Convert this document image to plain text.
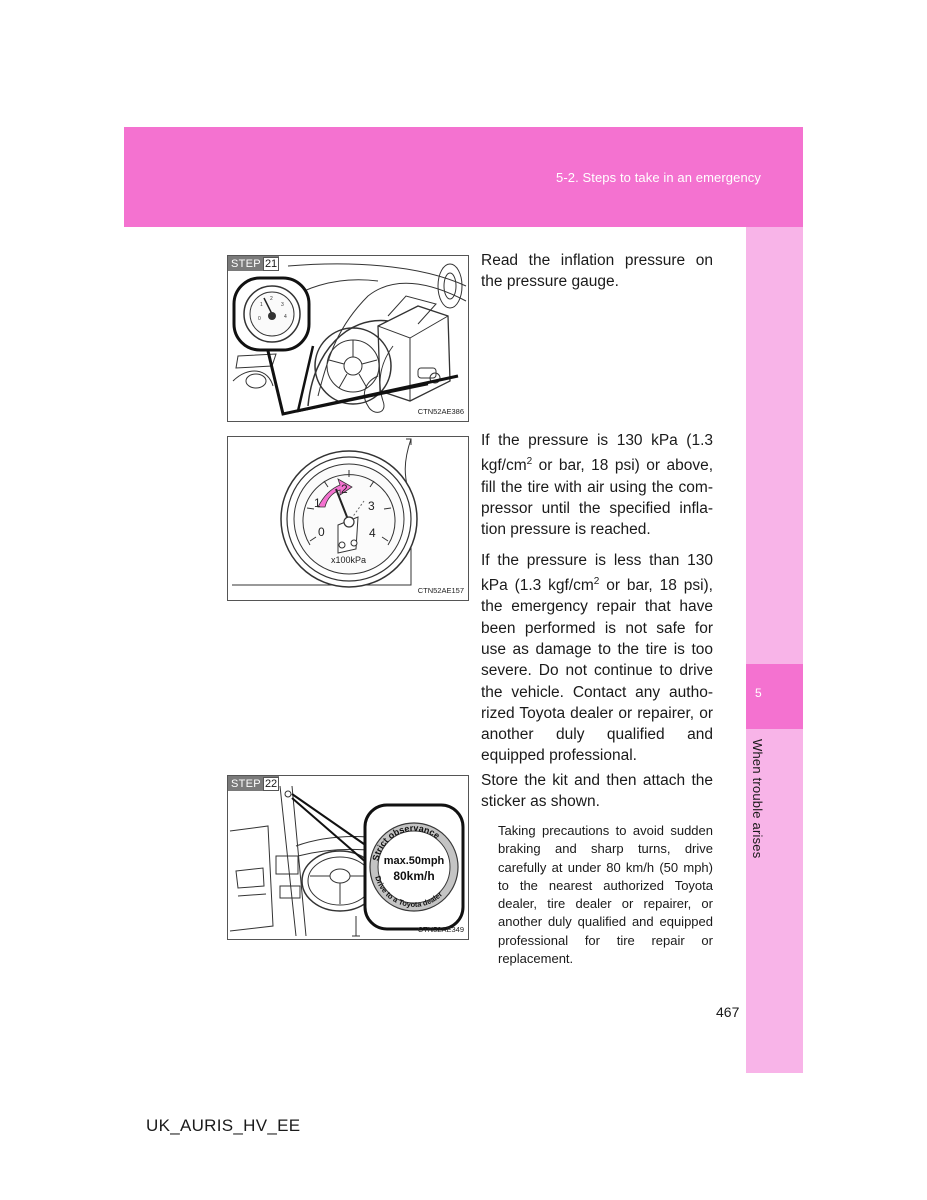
5-2. Steps to take in an emergency
5
When trouble arises
STEP 21
0
1
2
3
4
CTN52AE386
0
1
2
3
4
x100kPa
CTN52AE157
STEP 22
Strict observance
max.50mph
80km/h
Drive to a Toyota dealer
CTN52AE349

Read the inflation pressure on the pressure gauge.

If the pressure is 130 kPa (1.3 kgf/$cm^2$ or bar, 18 psi) or above, fill the tire with air using the compressor until the specified inflation pressure is reached.

If the pressure is less than 130 kPa (1.3 kgf/$cm^2$ or bar, 18 psi), the emergency repair that have been performed is not safe for use as damage to the tire is too severe. Do not continue to drive the vehicle. Contact any authorized Toyota dealer or repairer, or another duly qualified and equipped professional.

Store the kit and then attach the sticker as shown.

Taking precautions to avoid sudden braking and sharp turns, drive carefully at under 80 km/h (50 mph) to the nearest authorized Toyota dealer, tire dealer or repairer, or another duly qualified and equipped professional for tire repair or replacement.
467
UK_AURIS_HV_EE
